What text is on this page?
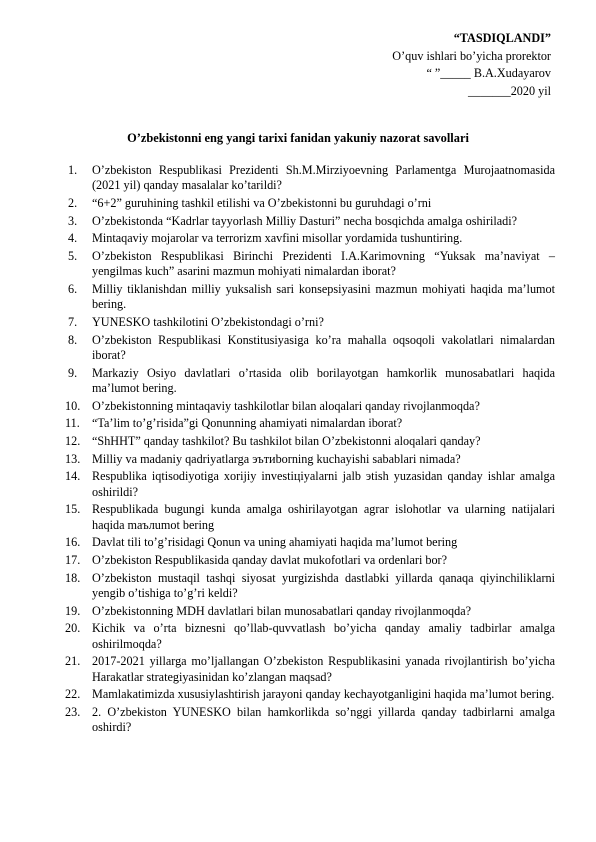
“TASDIQLANDI”
O’quv ishlari bo’yicha prorektor
“ ”_____ B.A.Xudayarov
_______2020 yil
O’zbekistonni eng yangi tarixi fanidan yakuniy nazorat savollari
1.	O’zbekiston Respublikasi Prezidenti Sh.M.Mirziyoevning Parlamentga Murojaatnomasida (2021 yil) qanday masalalar ko’tarildi?
2.	“6+2” guruhining tashkil etilishi va O’zbekistonni bu guruhdagi o’rni
3.	O’zbekistonda “Kadrlar tayyorlash Milliy Dasturi” necha bosqichda amalga oshiriladi?
4.	Mintaqaviy mojarolar va terrorizm xavfini misollar yordamida tushuntiring.
5.	O’zbekiston Respublikasi Birinchi Prezidenti I.A.Karimovning “Yuksak ma’naviyat – yengilmas kuch” asarini mazmun mohiyati nimalardan iborat?
6.	Milliy tiklanishdan milliy yuksalish sari konsepsiyasini mazmun mohiyati haqida ma’lumot bering.
7.	YUNESKO tashkilotini O’zbekistondagi o’rni?
8.	O’zbekiston Respublikasi Konstitusiyasiga ko’ra mahalla oqsoqoli vakolatlari nimalardan iborat?
9.	Markaziy Osiyo davlatlari o’rtasida olib borilayotgan hamkorlik munosabatlari haqida ma’lumot bering.
10. O’zbekistonning mintaqaviy tashkilotlar bilan aloqalari qanday rivojlanmoqda?
11.	“Ta’lim to’g’risida”gi Qonunning ahamiyati nimalardan iborat?
12. “ShHHT” qanday tashkilot? Bu tashkilot bilan O’zbekistonni aloqalari qanday?
13. Milliy va madaniy qadriyatlarga эътиborning kuchayishi sabablari nimada?
14. Respublika iqtisodiyotiga xorijiy investiцiyalarni jalb эtish yuzasidan qanday ishlar amalga oshirildi?
15. Respublikada bugungi kunda amalga oshirilayotgan agrar islohotlar va ularning natijalari haqida maълumot bering
16. Davlat tili to’g’risidagi Qonun va uning ahamiyati haqida ma’lumot bering
17. O’zbekiston Respublikasida qanday davlat mukofotlari va ordenlari bor?
18. O’zbekiston mustaqil tashqi siyosat yurgizishda dastlabki yillarda qanaqa qiyinchiliklarni yengib o’tishiga to’g’ri keldi?
19. O’zbekistonning MDH davlatlari bilan munosabatlari qanday rivojlanmoqda?
20. Kichik va o’rta biznesni qo’llab-quvvatlash bo’yicha qanday amaliy tadbirlar amalga oshirilmoqda?
21. 2017-2021 yillarga mo’ljallangan O’zbekiston Respublikasini yanada rivojlantirish bo’yicha Harakatlar strategiyasinidan ko’zlangan maqsad?
22. Mamlakatimizda xususiylashtirish jarayoni qanday kechayotganligini haqida ma’lumot bering.
23. 2. O’zbekiston YUNESKO bilan hamkorlikda so’nggi yillarda qanday tadbirlarni amalga oshirdi?
